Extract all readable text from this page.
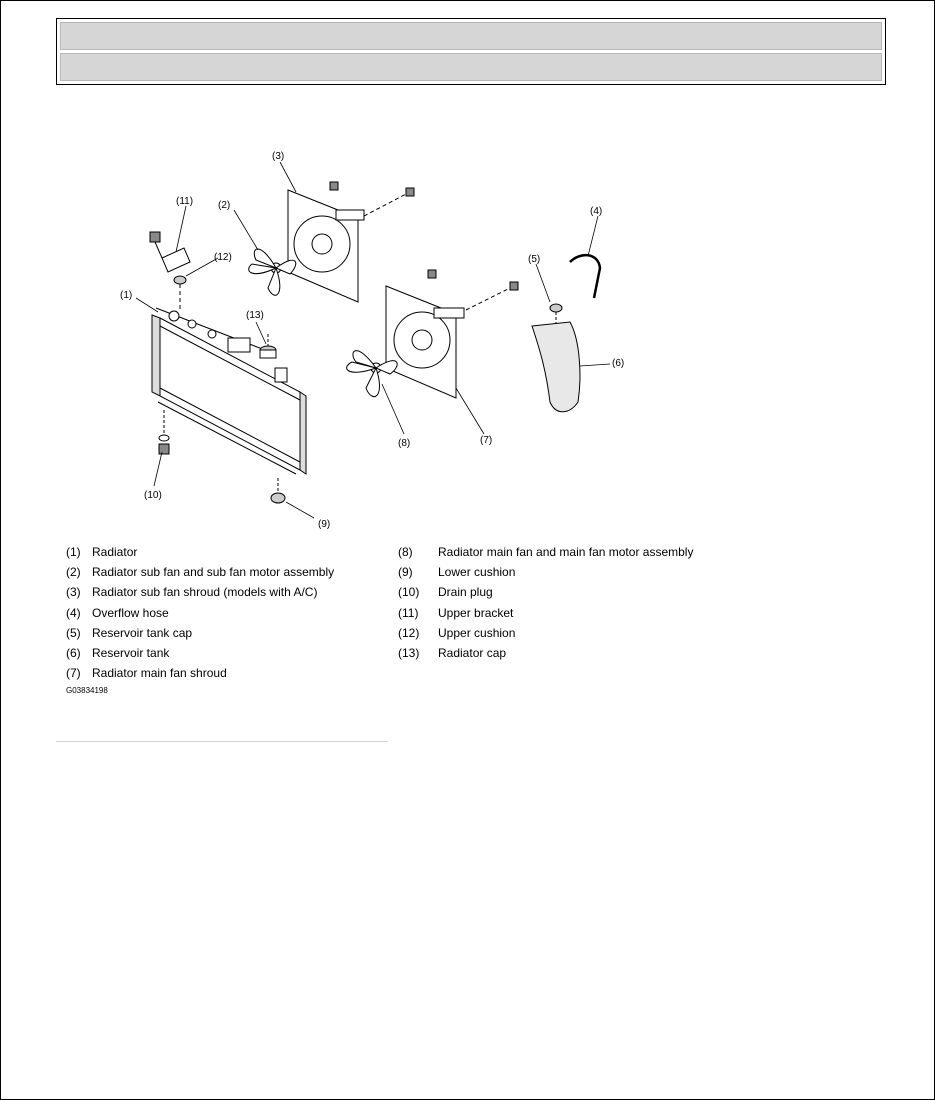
(1)
(2)
(3)
(4)
(5)
(6)
(7)
(8)
(9)
(10)
(11)
(12)
(13)
(1) Radiator
(2) Radiator sub fan and sub fan motor assembly
(3) Radiator sub fan shroud (models with A/C)
(4) Overflow hose
(5) Reservoir tank cap
(6) Reservoir tank
(7) Radiator main fan shroud
(8)	Radiator main fan and main fan motor assembly
(9)	Lower cushion
(10)	Drain plug
(11)	Upper bracket
(12)	Upper cushion
(13)	Radiator cap
G03834198
